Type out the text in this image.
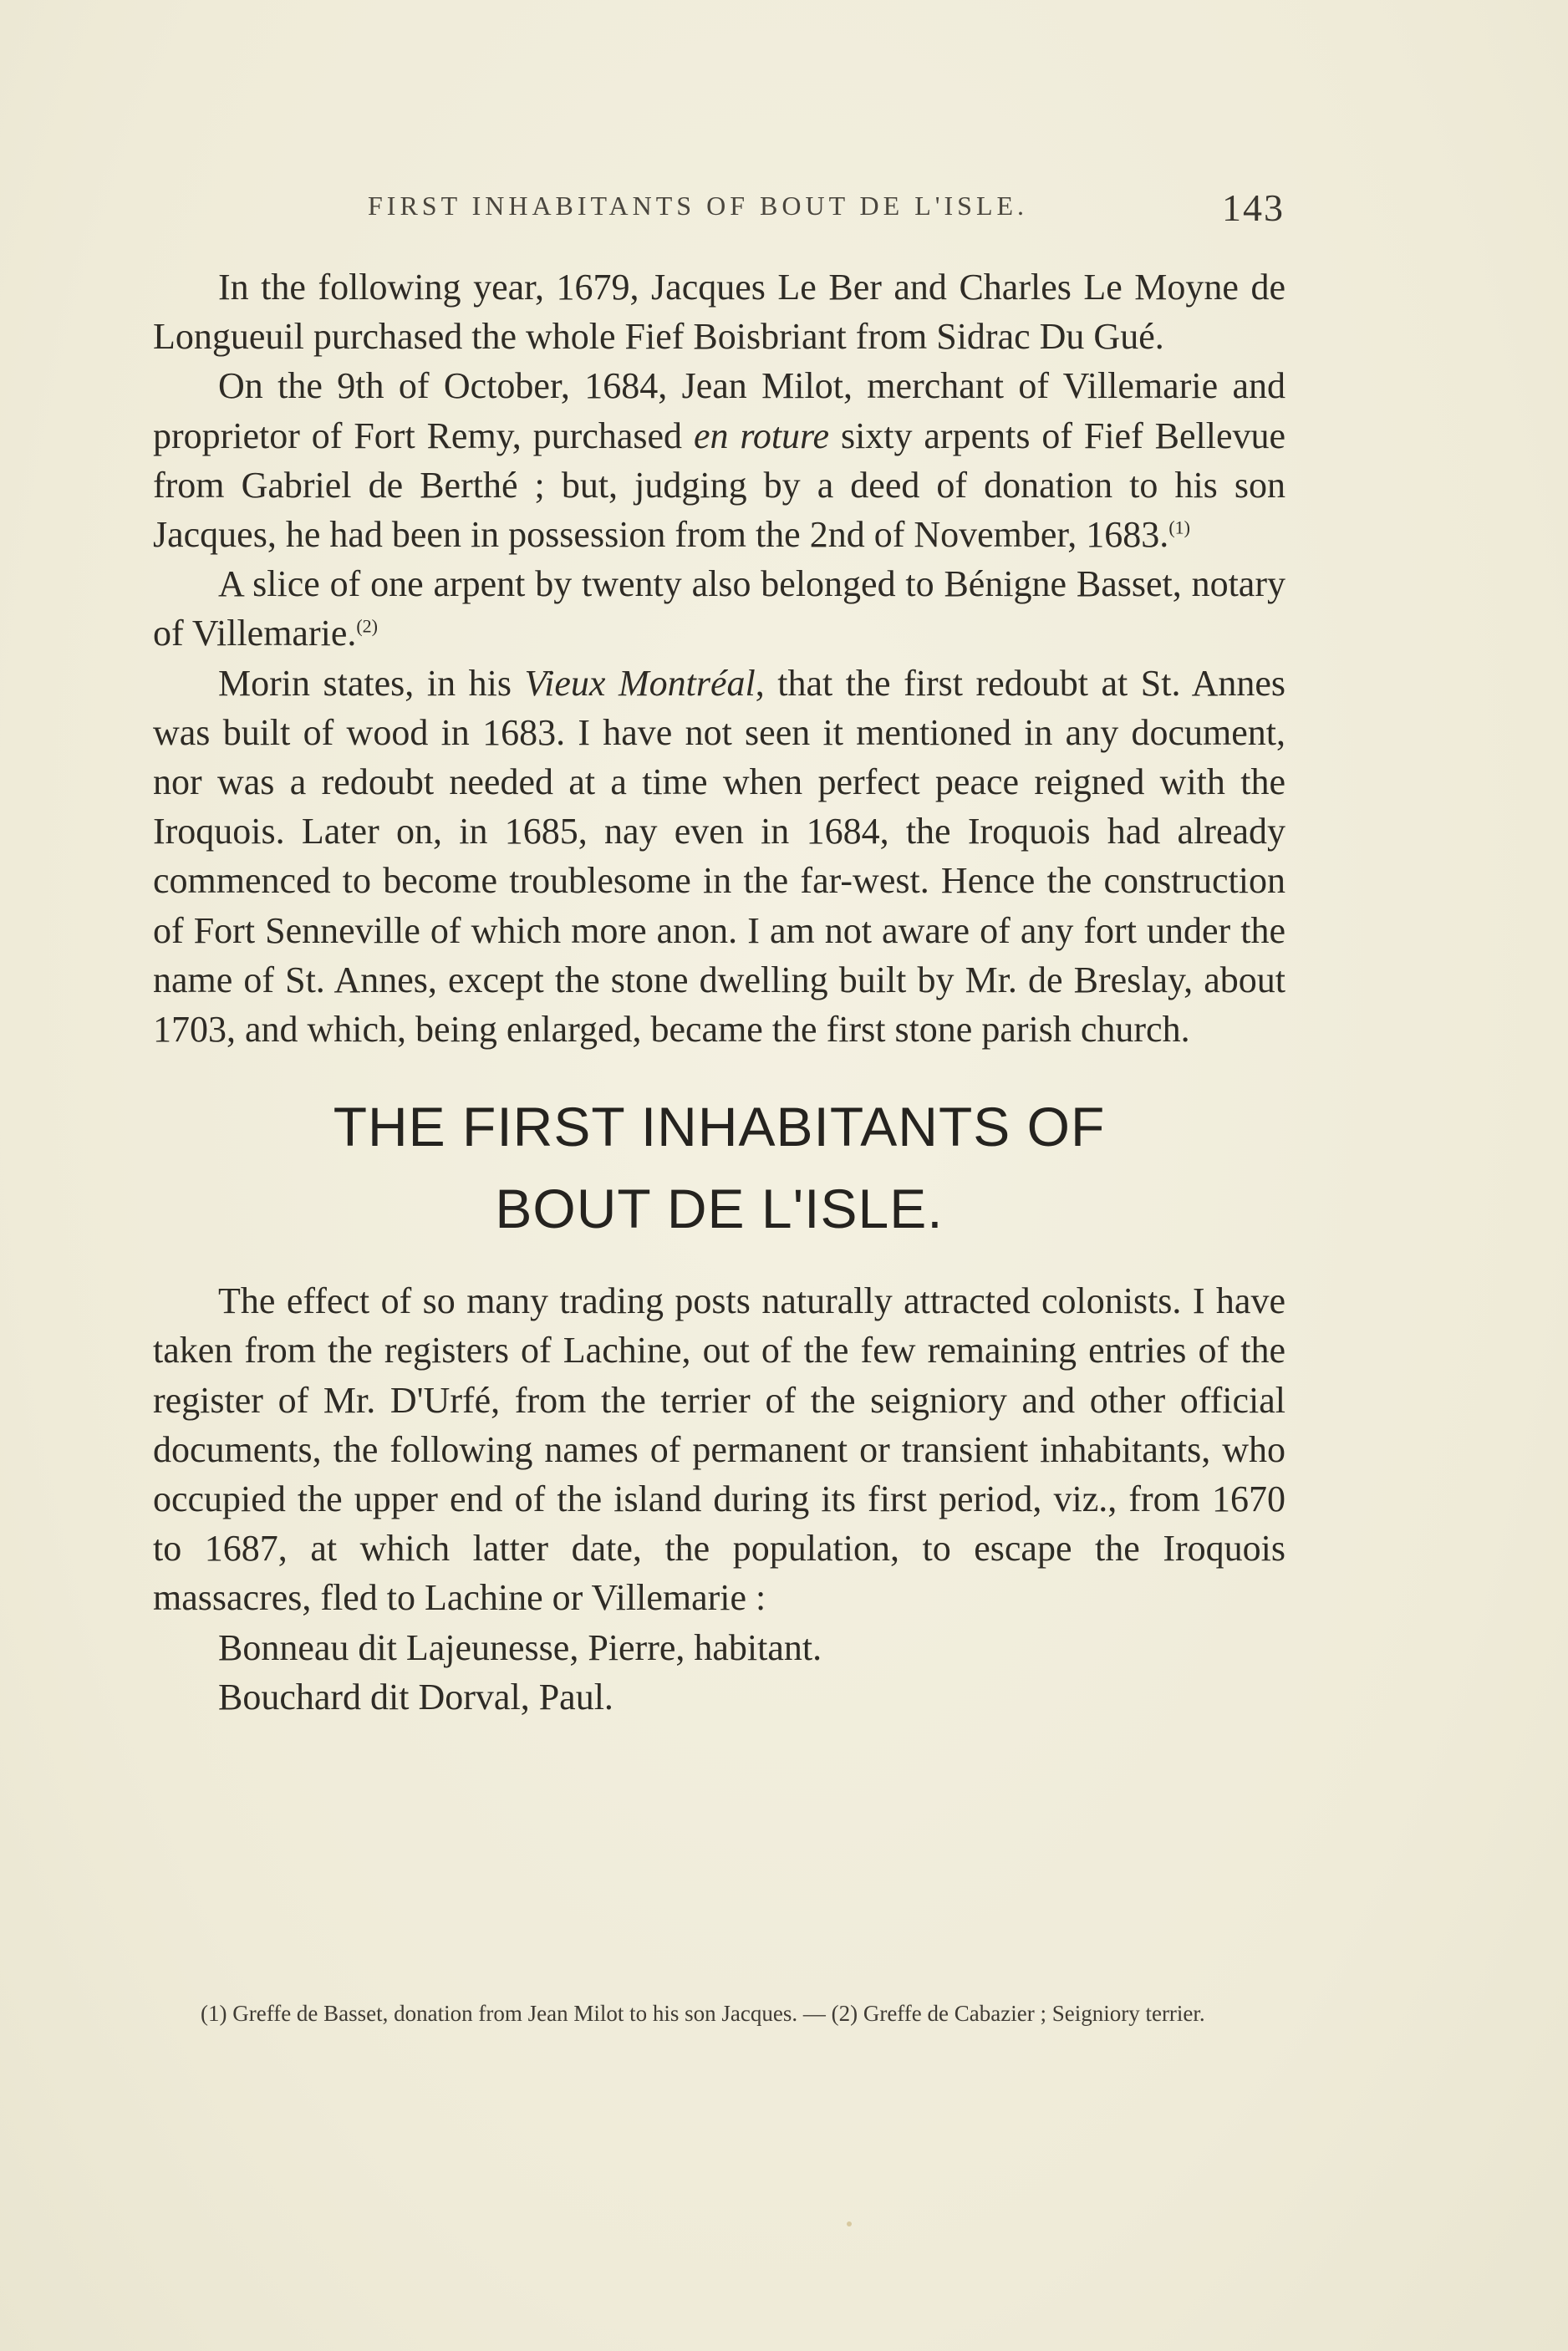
FIRST INHABITANTS OF BOUT DE L'ISLE.	143

In the following year, 1679, Jacques Le Ber and Charles Le Moyne de Longueuil purchased the whole Fief Boisbriant from Sidrac Du Gué.

On the 9th of October, 1684, Jean Milot, merchant of Villemarie and proprietor of Fort Remy, purchased en roture sixty arpents of Fief Bellevue from Gabriel de Berthé ; but, judging by a deed of donation to his son Jacques, he had been in possession from the 2nd of November, 1683.$^{(1)}$

A slice of one arpent by twenty also belonged to Bénigne Basset, notary of Villemarie.$^{(2)}$

Morin states, in his Vieux Montréal, that the first redoubt at St. Annes was built of wood in 1683. I have not seen it mentioned in any document, nor was a redoubt needed at a time when perfect peace reigned with the Iroquois. Later on, in 1685, nay even in 1684, the Iroquois had already commenced to become troublesome in the far-west. Hence the construction of Fort Senneville of which more anon. I am not aware of any fort under the name of St. Annes, except the stone dwelling built by Mr. de Breslay, about 1703, and which, being enlarged, became the first stone parish church.

THE FIRST INHABITANTS OF
BOUT DE L'ISLE.

The effect of so many trading posts naturally attracted colonists. I have taken from the registers of Lachine, out of the few remaining entries of the register of Mr. D'Urfé, from the terrier of the seigniory and other official documents, the following names of permanent or transient inhabitants, who occupied the upper end of the island during its first period, viz., from 1670 to 1687, at which latter date, the population, to escape the Iroquois massacres, fled to Lachine or Villemarie :

Bonneau dit Lajeunesse, Pierre, habitant.

Bouchard dit Dorval, Paul.

(1) Greffe de Basset, donation from Jean Milot to his son Jacques. — (2) Greffe de Cabazier ; Seigniory terrier.
